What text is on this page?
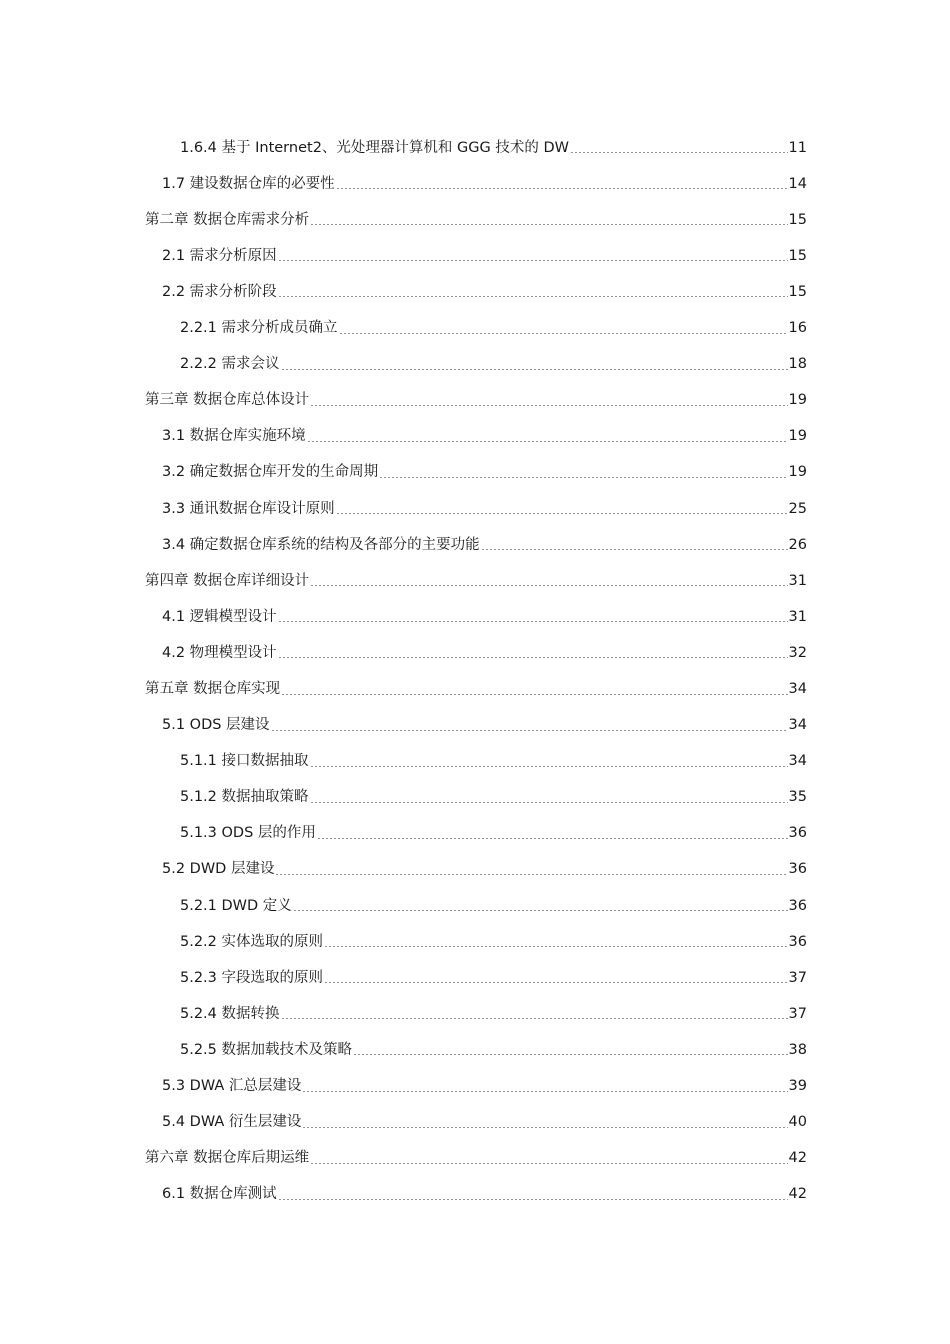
1.6.4 基于 Internet2、光处理器计算机和 GGG 技术的 DW	11
1.7 建设数据仓库的必要性	14
第二章 数据仓库需求分析	15
2.1 需求分析原因	15
2.2 需求分析阶段	15
2.2.1 需求分析成员确立	16
2.2.2 需求会议	18
第三章 数据仓库总体设计	19
3.1 数据仓库实施环境	19
3.2 确定数据仓库开发的生命周期	19
3.3 通讯数据仓库设计原则	25
3.4 确定数据仓库系统的结构及各部分的主要功能	26
第四章 数据仓库详细设计	31
4.1 逻辑模型设计	31
4.2 物理模型设计	32
第五章 数据仓库实现	34
5.1 ODS 层建设	34
5.1.1 接口数据抽取	34
5.1.2 数据抽取策略	35
5.1.3 ODS 层的作用	36
5.2 DWD 层建设	36
5.2.1 DWD 定义	36
5.2.2 实体选取的原则	36
5.2.3 字段选取的原则	37
5.2.4 数据转换	37
5.2.5 数据加载技术及策略	38
5.3 DWA 汇总层建设	39
5.4 DWA 衍生层建设	40
第六章 数据仓库后期运维	42
6.1 数据仓库测试	42
